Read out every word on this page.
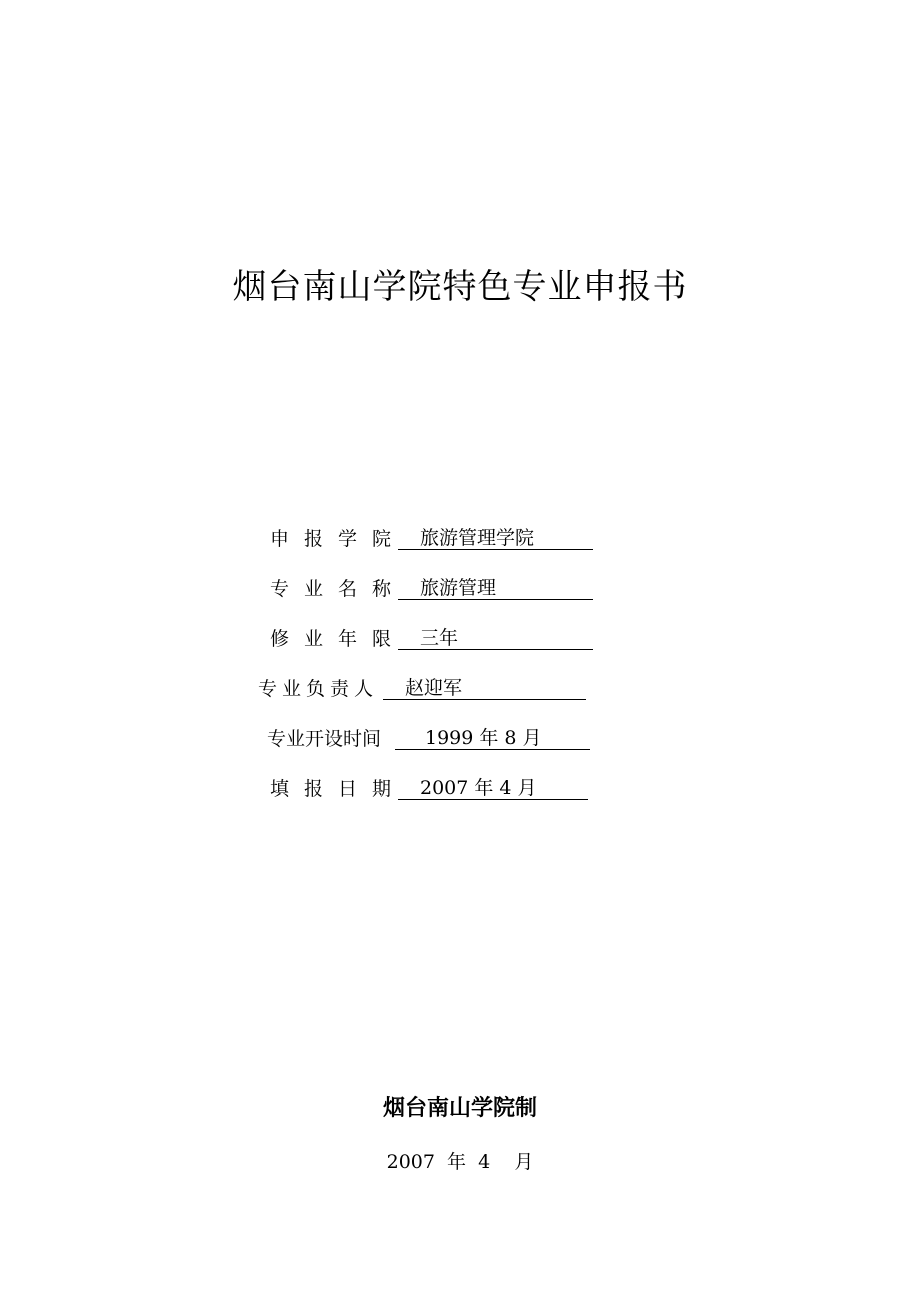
烟台南山学院特色专业申报书
申报学院 旅游管理学院
专业名称 旅游管理
修业年限 三年
专业负责人	赵迎军
专业开设时间	1999 年 8 月
填报日期 2007 年 4 月
烟台南山学院制
2007  年  4    月
